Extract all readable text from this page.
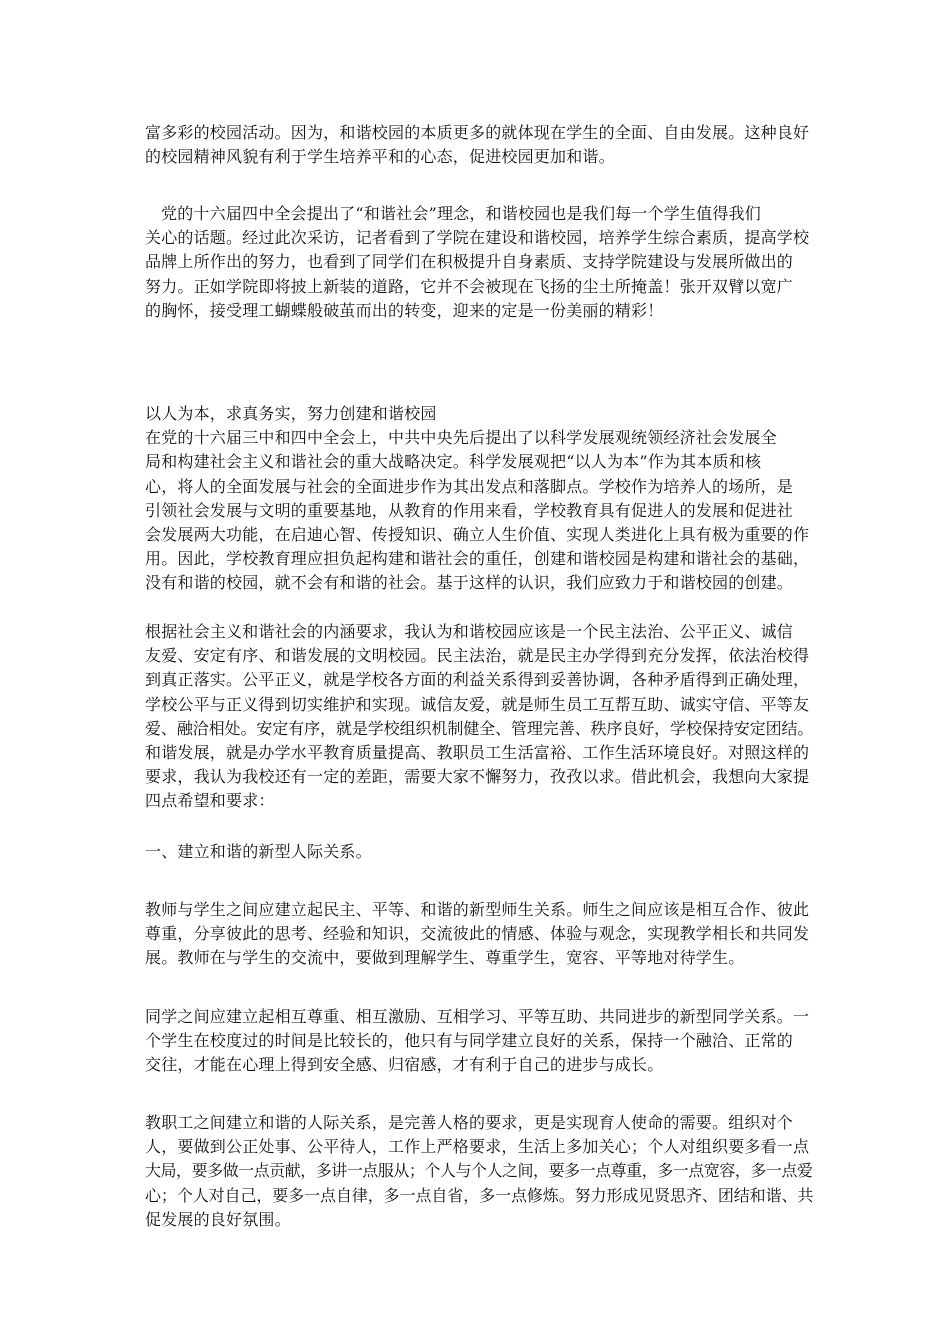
富多彩的校园活动。因为，和谐校园的本质更多的就体现在学生的全面、自由发展。这种良好
的校园精神风貌有利于学生培养平和的心态，促进校园更加和谐。
党的十六届四中全会提出了“和谐社会”理念，和谐校园也是我们每一个学生值得我们
关心的话题。经过此次采访，记者看到了学院在建设和谐校园，培养学生综合素质，提高学校
品牌上所作出的努力，也看到了同学们在积极提升自身素质、支持学院建设与发展所做出的
努力。正如学院即将披上新装的道路，它并不会被现在飞扬的尘土所掩盖！张开双臂以宽广
的胸怀，接受理工蝴蝶般破茧而出的转变，迎来的定是一份美丽的精彩！
以人为本，求真务实，努力创建和谐校园
在党的十六届三中和四中全会上，中共中央先后提出了以科学发展观统领经济社会发展全
局和构建社会主义和谐社会的重大战略决定。科学发展观把“以人为本”作为其本质和核
心，将人的全面发展与社会的全面进步作为其出发点和落脚点。学校作为培养人的场所，是
引领社会发展与文明的重要基地，从教育的作用来看，学校教育具有促进人的发展和促进社
会发展两大功能，在启迪心智、传授知识、确立人生价值、实现人类进化上具有极为重要的作
用。因此，学校教育理应担负起构建和谐社会的重任，创建和谐校园是构建和谐社会的基础，
没有和谐的校园，就不会有和谐的社会。基于这样的认识，我们应致力于和谐校园的创建。
根据社会主义和谐社会的内涵要求，我认为和谐校园应该是一个民主法治、公平正义、诚信
友爱、安定有序、和谐发展的文明校园。民主法治，就是民主办学得到充分发挥，依法治校得
到真正落实。公平正义，就是学校各方面的利益关系得到妥善协调，各种矛盾得到正确处理，
学校公平与正义得到切实维护和实现。诚信友爱，就是师生员工互帮互助、诚实守信、平等友
爱、融洽相处。安定有序，就是学校组织机制健全、管理完善、秩序良好，学校保持安定团结。
和谐发展，就是办学水平教育质量提高、教职员工生活富裕、工作生活环境良好。对照这样的
要求，我认为我校还有一定的差距，需要大家不懈努力，孜孜以求。借此机会，我想向大家提
四点希望和要求：
一、建立和谐的新型人际关系。
教师与学生之间应建立起民主、平等、和谐的新型师生关系。师生之间应该是相互合作、彼此
尊重，分享彼此的思考、经验和知识，交流彼此的情感、体验与观念，实现教学相长和共同发
展。教师在与学生的交流中，要做到理解学生、尊重学生，宽容、平等地对待学生。
同学之间应建立起相互尊重、相互激励、互相学习、平等互助、共同进步的新型同学关系。一
个学生在校度过的时间是比较长的，他只有与同学建立良好的关系，保持一个融洽、正常的
交往，才能在心理上得到安全感、归宿感，才有利于自己的进步与成长。
教职工之间建立和谐的人际关系，是完善人格的要求，更是实现育人使命的需要。组织对个
人，要做到公正处事、公平待人，工作上严格要求，生活上多加关心；个人对组织要多看一点
大局，要多做一点贡献，多讲一点服从；个人与个人之间，要多一点尊重，多一点宽容，多一点爱
心；个人对自己，要多一点自律，多一点自省，多一点修炼。努力形成见贤思齐、团结和谐、共
促发展的良好氛围。
